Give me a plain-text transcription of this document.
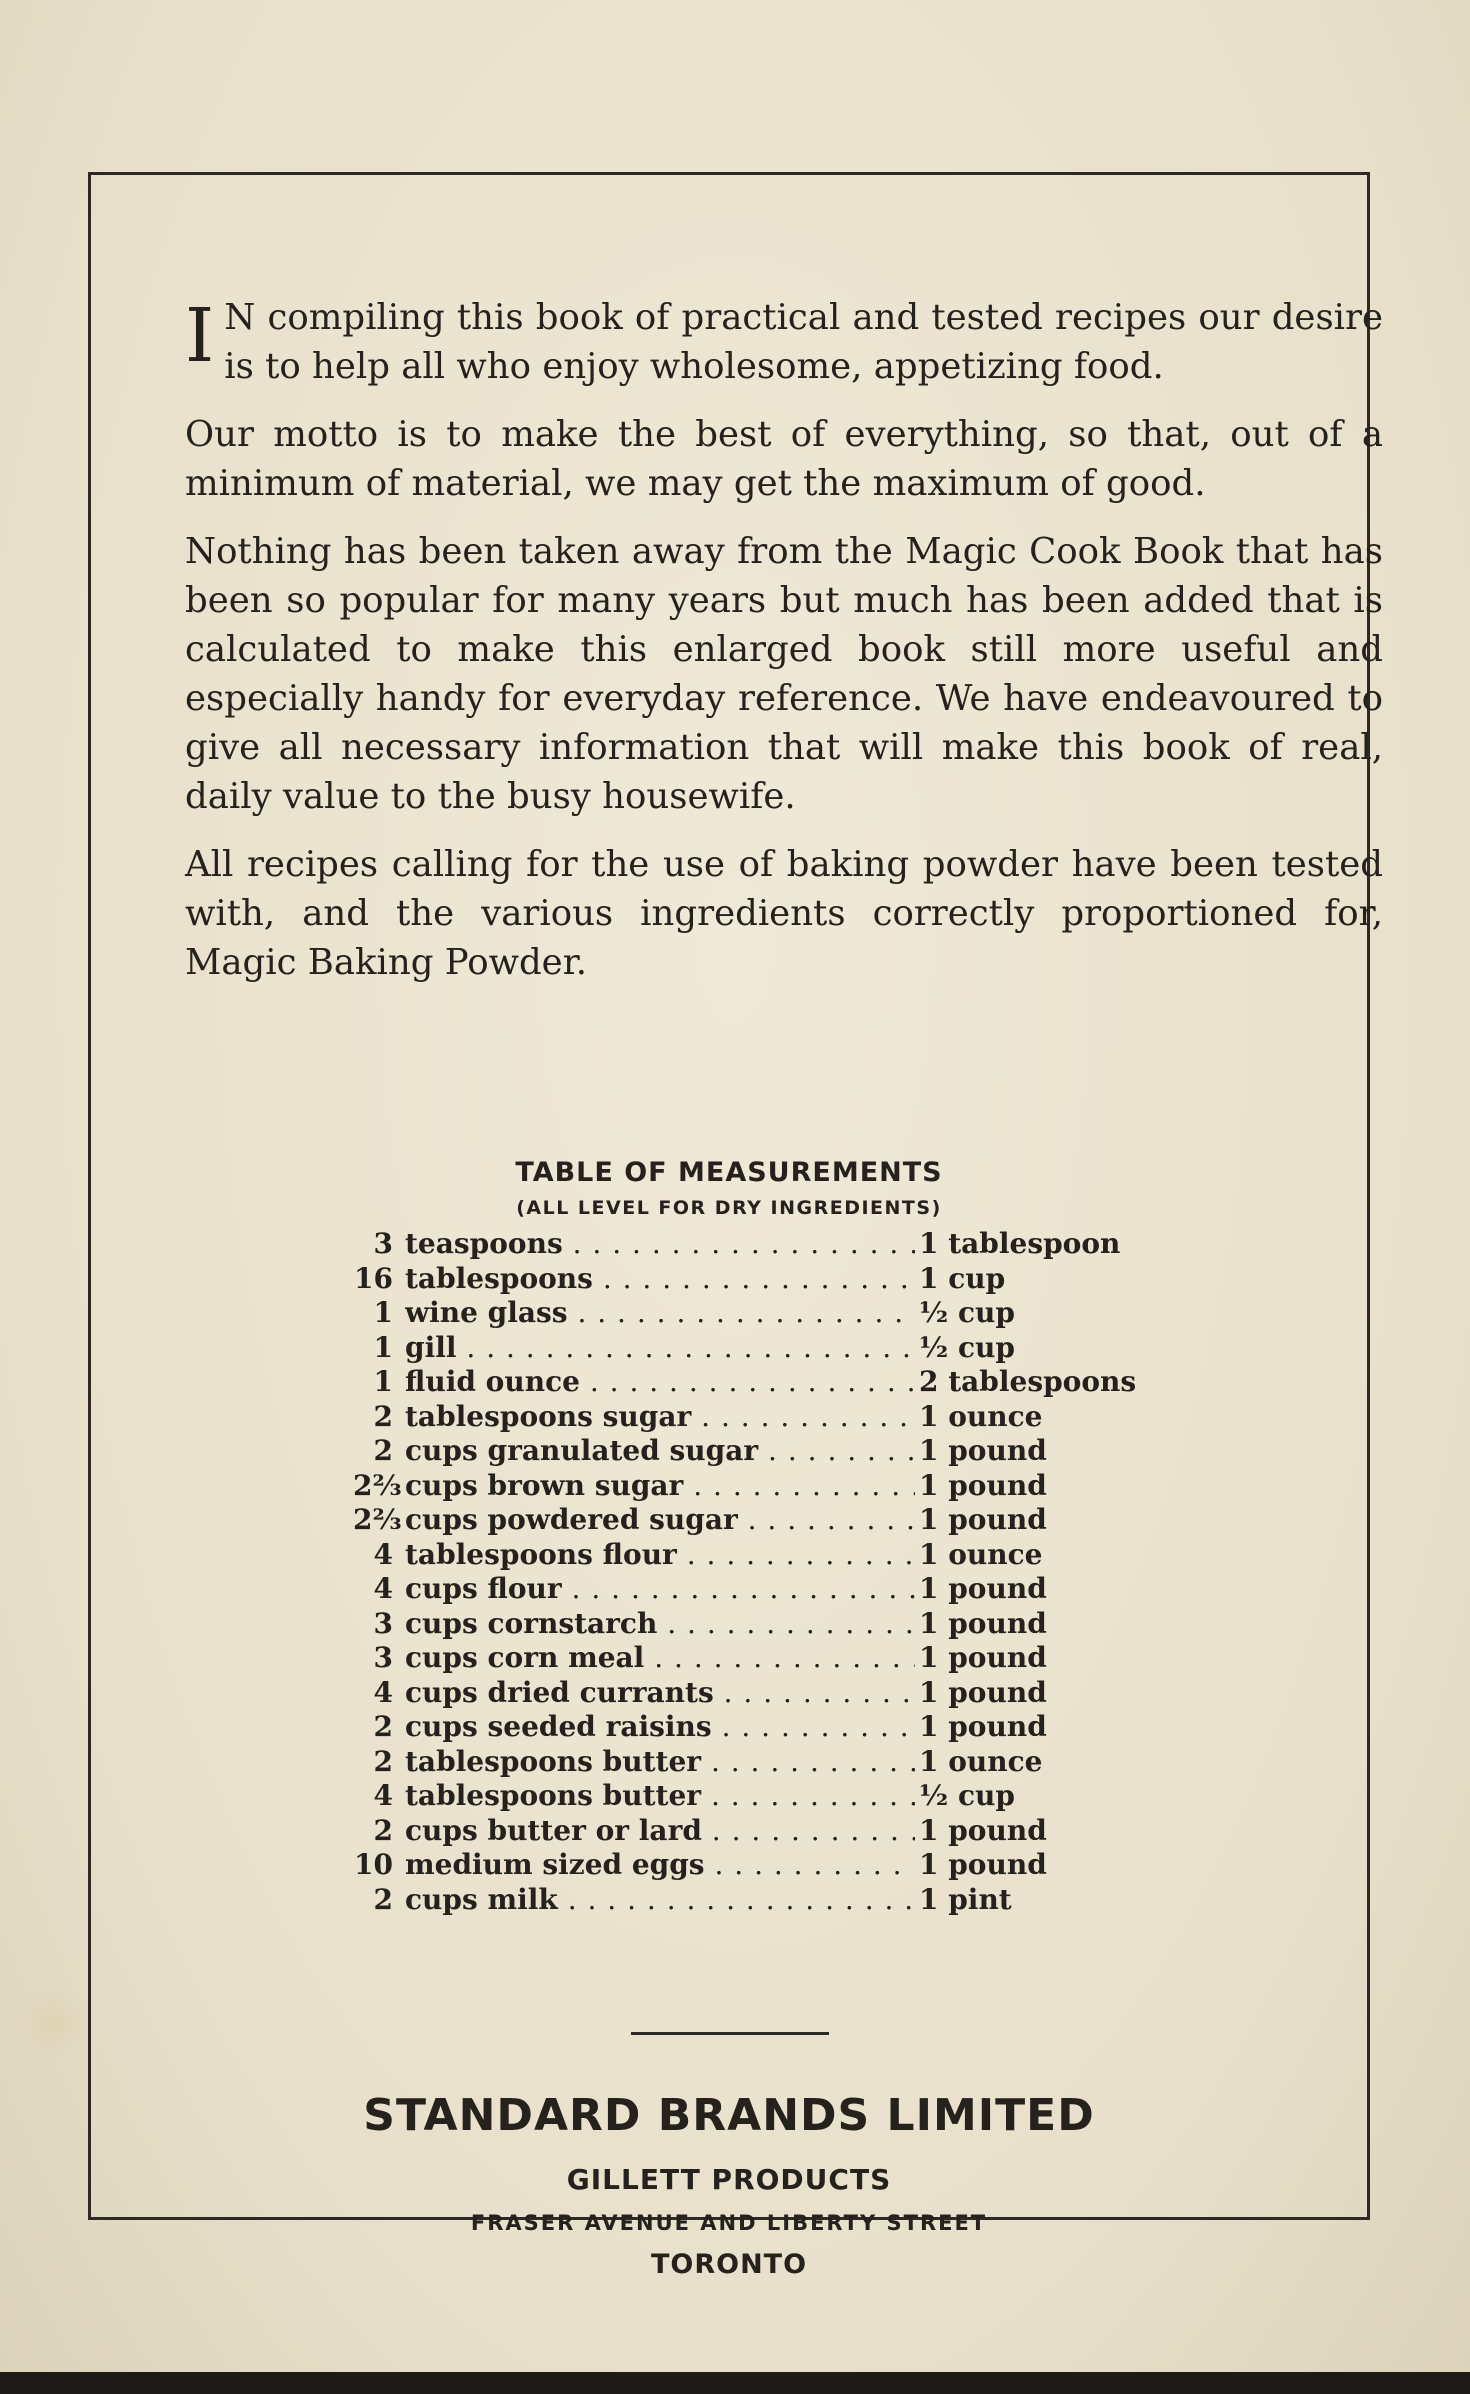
I N compiling this book of practical and tested recipes our desire is to help all who enjoy wholesome, appetizing food.

Our motto is to make the best of everything, so that, out of a minimum of material, we may get the maximum of good.

Nothing has been taken away from the Magic Cook Book that has been so popular for many years but much has been added that is calculated to make this enlarged book still more useful and especially handy for everyday reference. We have endeavoured to give all necessary information that will make this book of real, daily value to the busy housewife.

All recipes calling for the use of baking powder have been tested with, and the various ingredients correctly proportioned for, Magic Baking Powder.

TABLE OF MEASUREMENTS
(ALL LEVEL FOR DRY INGREDIENTS)
3 teaspoons . . .	1 tablespoon
16 tablespoons . . .	1 cup
1 wine glass . . .	½ cup
1 gill . . .	½ cup
1 fluid ounce . . .	2 tablespoons
2 tablespoons sugar . . .	1 ounce
2 cups granulated sugar . . .	1 pound
2⅔ cups brown sugar . . .	1 pound
2⅔ cups powdered sugar . . .	1 pound
4 tablespoons flour . . .	1 ounce
4 cups flour . . .	1 pound
3 cups cornstarch . . .	1 pound
3 cups corn meal . . .	1 pound
4 cups dried currants . . .	1 pound
2 cups seeded raisins . . .	1 pound
2 tablespoons butter . . .	1 ounce
4 tablespoons butter . . .	½ cup
2 cups butter or lard . . .	1 pound
10 medium sized eggs . . .	1 pound
2 cups milk . . .	1 pint
STANDARD BRANDS LIMITED
GILLETT PRODUCTS
FRASER AVENUE AND LIBERTY STREET
TORONTO
